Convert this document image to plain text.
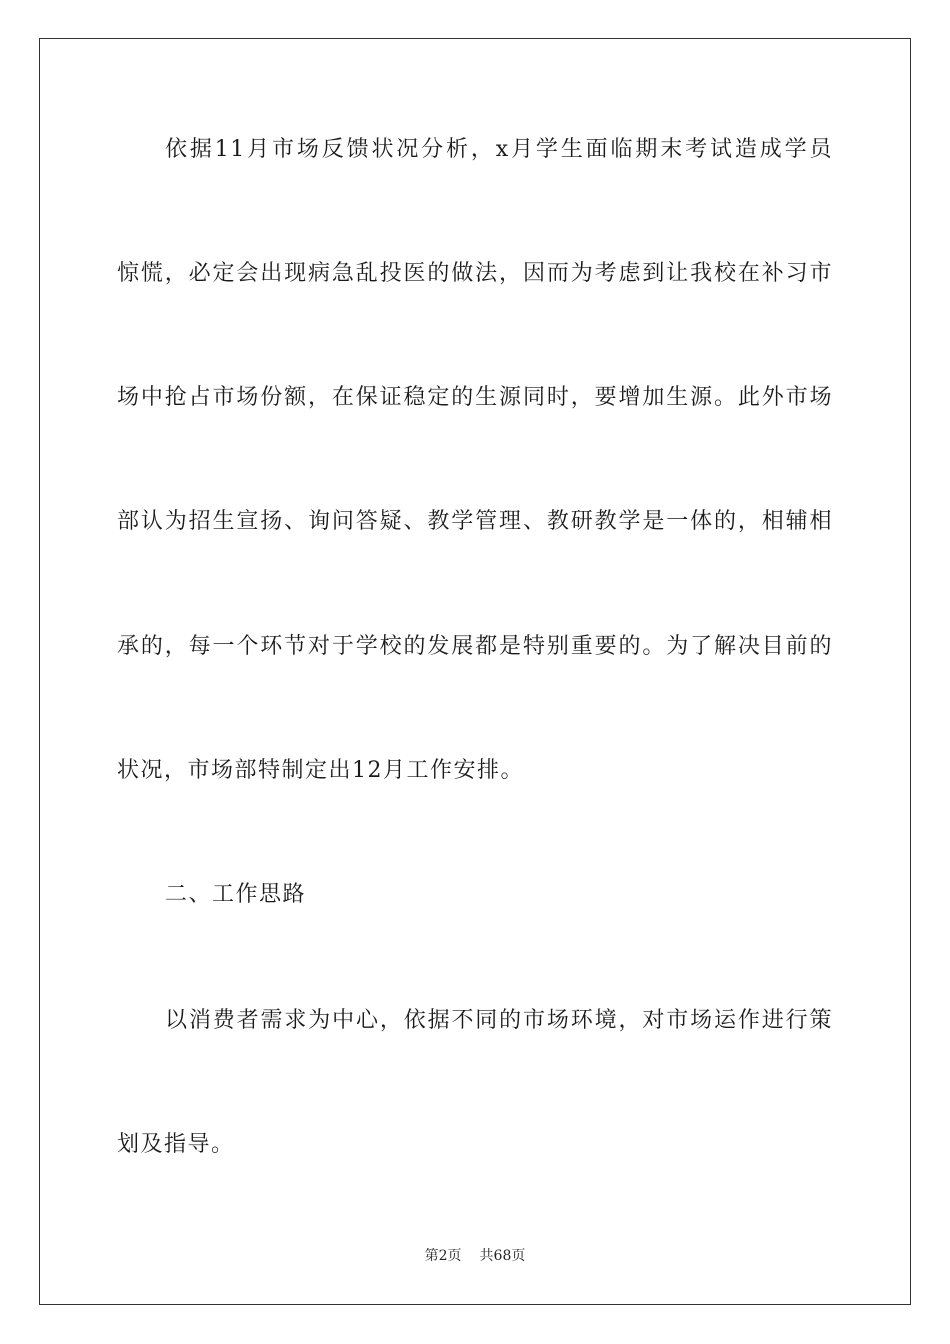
依据11月市场反馈状况分析，x月学生面临期末考试造成学员
惊慌，必定会出现病急乱投医的做法，因而为考虑到让我校在补习市
场中抢占市场份额，在保证稳定的生源同时，要增加生源。此外市场
部认为招生宣扬、询问答疑、教学管理、教研教学是一体的，相辅相
承的，每一个环节对于学校的发展都是特别重要的。为了解决目前的
状况，市场部特制定出12月工作安排。
二、工作思路
以消费者需求为中心，依据不同的市场环境，对市场运作进行策
划及指导。
第2页 共68页
